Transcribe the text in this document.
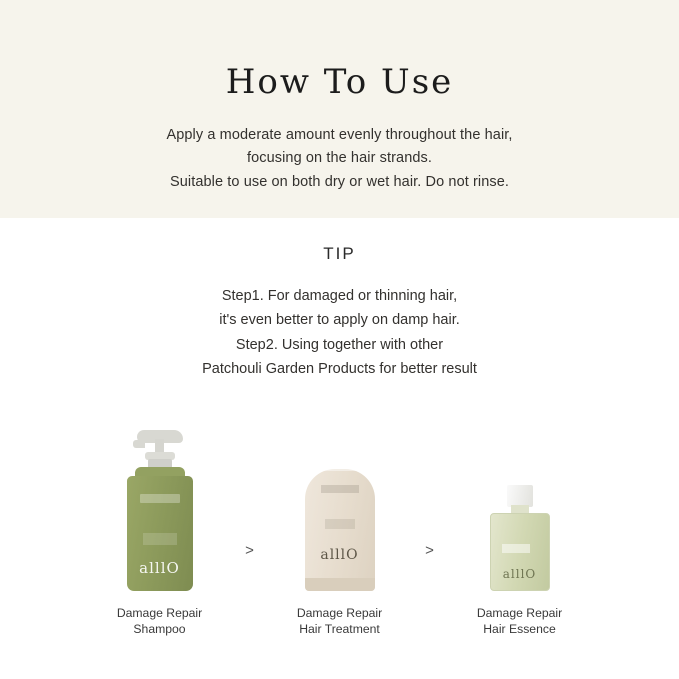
How To Use
Apply a moderate amount evenly throughout the hair,
focusing on the hair strands.
Suitable to use on both dry or wet hair. Do not rinse.
TIP
Step1. For damaged or thinning hair,
it's even better to apply on damp hair.
Step2. Using together with other
Patchouli Garden Products for better result
alllO
Damage Repair
Shampoo
>	alllO
Damage Repair
Hair Treatment
>
alllO
Damage Repair
Hair Essence
